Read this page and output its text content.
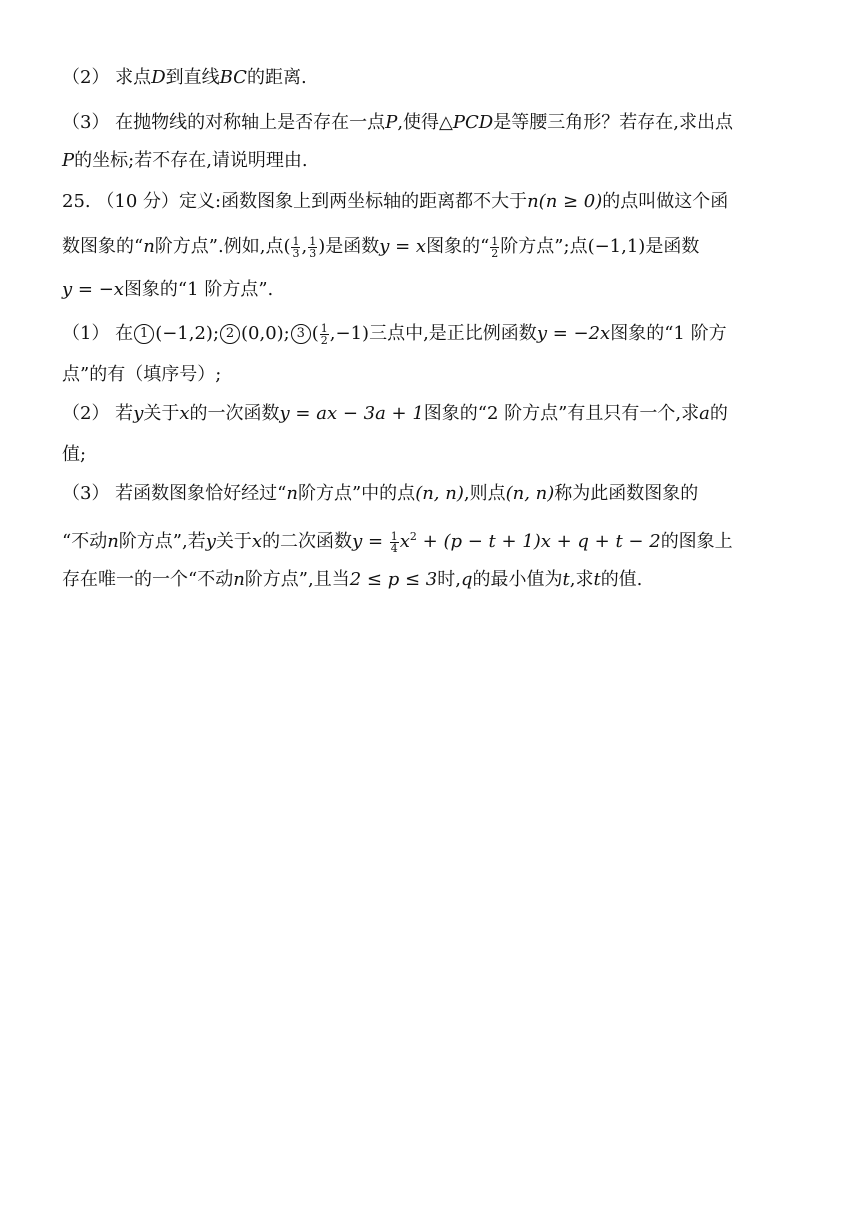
（2） 求点D到直线BC的距离.
（3） 在抛物线的对称轴上是否存在一点P,使得△PCD是等腰三角形？若存在,求出点
P的坐标;若不存在,请说明理由.
25. （10 分）定义:函数图象上到两坐标轴的距离都不大于n(n ≥ 0)的点叫做这个函
数图象的“n阶方点”.例如,点( $\frac{1}{3}$ , $\frac{1}{3}$ )是函数y = x图象的“ $\frac{1}{2}$ 阶方点”;点(−1,1)是函数
y = −x图象的“1 阶方点”.
（1） 在 1 (−1,2); 2 (0,0); 3 ( $\frac{1}{2} ,-1$)三点中,是正比例函数y = −2x图象的“1 阶方
点”的有（填序号）;
（2） 若y关于x的一次函数y = ax − 3a + 1图象的“2 阶方点”有且只有一个,求a的
值;
（3） 若函数图象恰好经过“n阶方点”中的点(n, n),则点(n, n)称为此函数图象的
“不动n阶方点”,若y关于x的二次函数$y = \frac{1}{4} x^2 + (p - t + 1)x + q + t - 2$的图象上
存在唯一的一个“不动n阶方点”,且当2 ≤ p ≤ 3时,q的最小值为t,求t的值.
